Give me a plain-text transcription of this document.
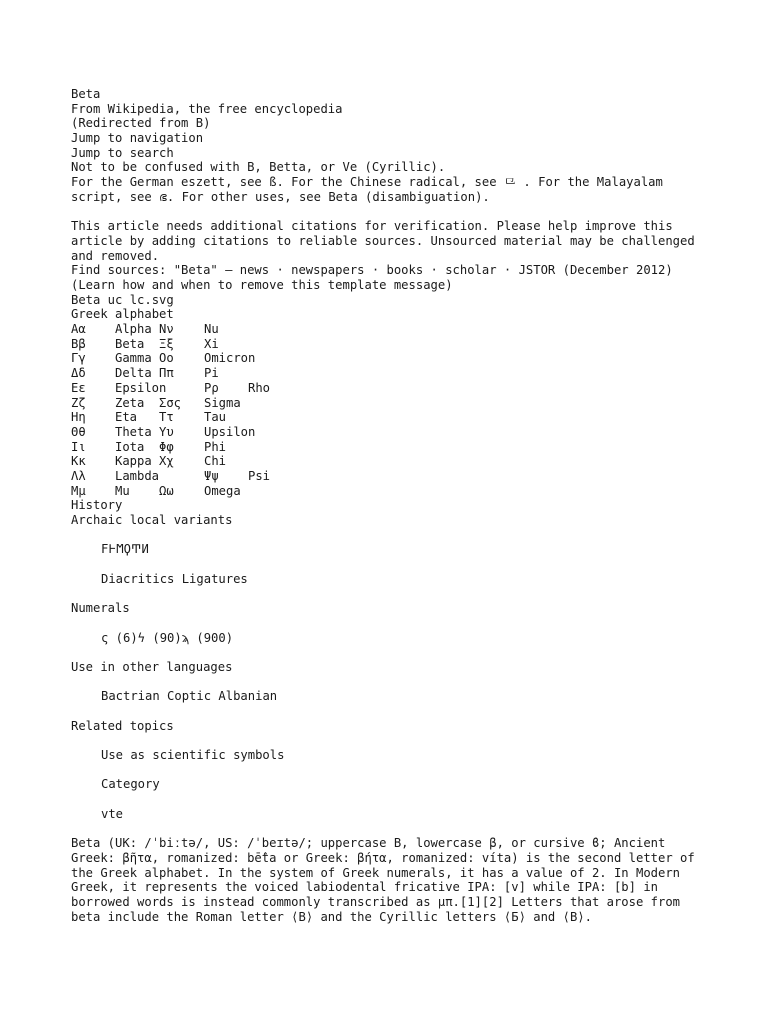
Beta
From Wikipedia, the free encyclopedia
(Redirected from B)
Jump to navigation
Jump to search
Not to be confused with B, Betta, or Ve (Cyrillic).
For the German eszett, see ß. For the Chinese radical, see ⺋ . For the Malayalam script, see ഭ. For other uses, see Beta (disambiguation).
This article needs additional citations for verification. Please help improve this article by adding citations to reliable sources. Unsourced material may be challenged and removed.
Find sources: "Beta" – news · newspapers · books · scholar · JSTOR (December 2012)
(Learn how and when to remove this template message)
Beta uc lc.svg
Greek alphabet
Αα Alpha Νν Nu
Ββ Beta Ξξ Xi
Γγ Gamma Οο Omicron
Δδ Delta Ππ Pi
Εε Epsilon	Ρρ Rho
Ζζ Zeta Σσς Sigma
Ηη Eta Ττ Tau
Θθ Theta Υυ Upsilon
Ιι Iota Φφ Phi
Κκ Kappa Χχ Chi
Λλ Lambda	Ψψ Psi
Μμ Mu Ωω Omega
History
Archaic local variants
ϜͰϺϘͲͶ
Diacritics Ligatures
Numerals
ς (6)ϟ (90)ϡ (900)
Use in other languages
Bactrian Coptic Albanian
Related topics
Use as scientific symbols
Category
vte
Beta (UK: /ˈbiːtə/, US: /ˈbeɪtə/; uppercase Β, lowercase β, or cursive ϐ; Ancient Greek: βῆτα, romanized: bē̂ta or Greek: βήτα, romanized: víta) is the second letter of the Greek alphabet. In the system of Greek numerals, it has a value of 2. In Modern Greek, it represents the voiced labiodental fricative IPA: [v] while IPA: [b] in borrowed words is instead commonly transcribed as μπ.[1][2] Letters that arose from beta include the Roman letter ⟨B⟩ and the Cyrillic letters ⟨Б⟩ and ⟨В⟩.
